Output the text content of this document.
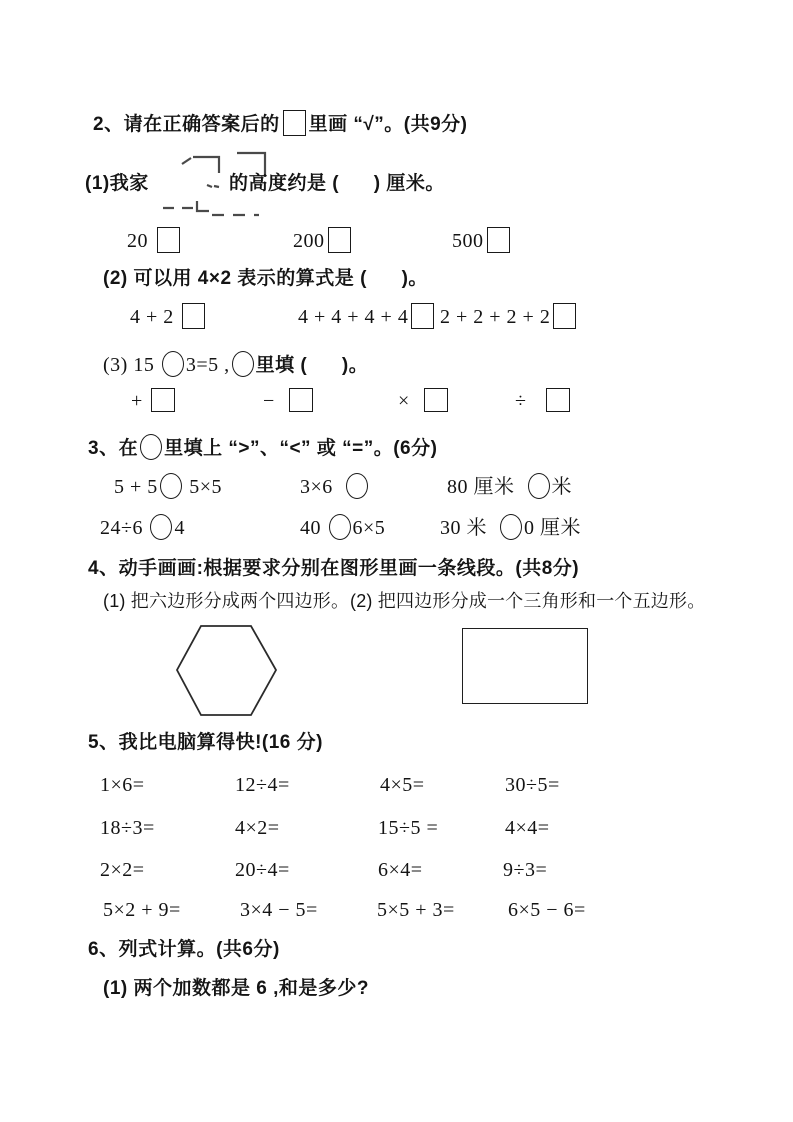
2、请在正确答案后的 里画 “√”。(共9分)
(1)我家	的高度约是 (      ) 厘米。
20	200	500
(2) 可以用 4×2 表示的算式是 (      )。
4 + 2	4 + 4 + 4 + 4	2 + 2 + 2 + 2
(3) 15 3=5 , 里填 (      )。
+	−	×	÷
3、在 里填上 “>”、“<” 或 “=”。(6分)
5 + 5 5×5	3×6	80 厘米  米
24÷6 4	40 6×5	30 米  0 厘米
4、动手画画:根据要求分别在图形里画一条线段。(共8分)
(1) 把六边形分成两个四边形。 (2) 把四边形分成一个三角形和一个五边形。
5、我比电脑算得快!(16 分)
1×6=	12÷4=	4×5=	30÷5=
18÷3=	4×2=	15÷5 =	4×4=
2×2=	20÷4=	6×4=	9÷3=
5×2 + 9=	3×4 − 5=	5×5 + 3=	6×5 − 6=
6、列式计算。(共6分)
(1) 两个加数都是 6 ,和是多少?
